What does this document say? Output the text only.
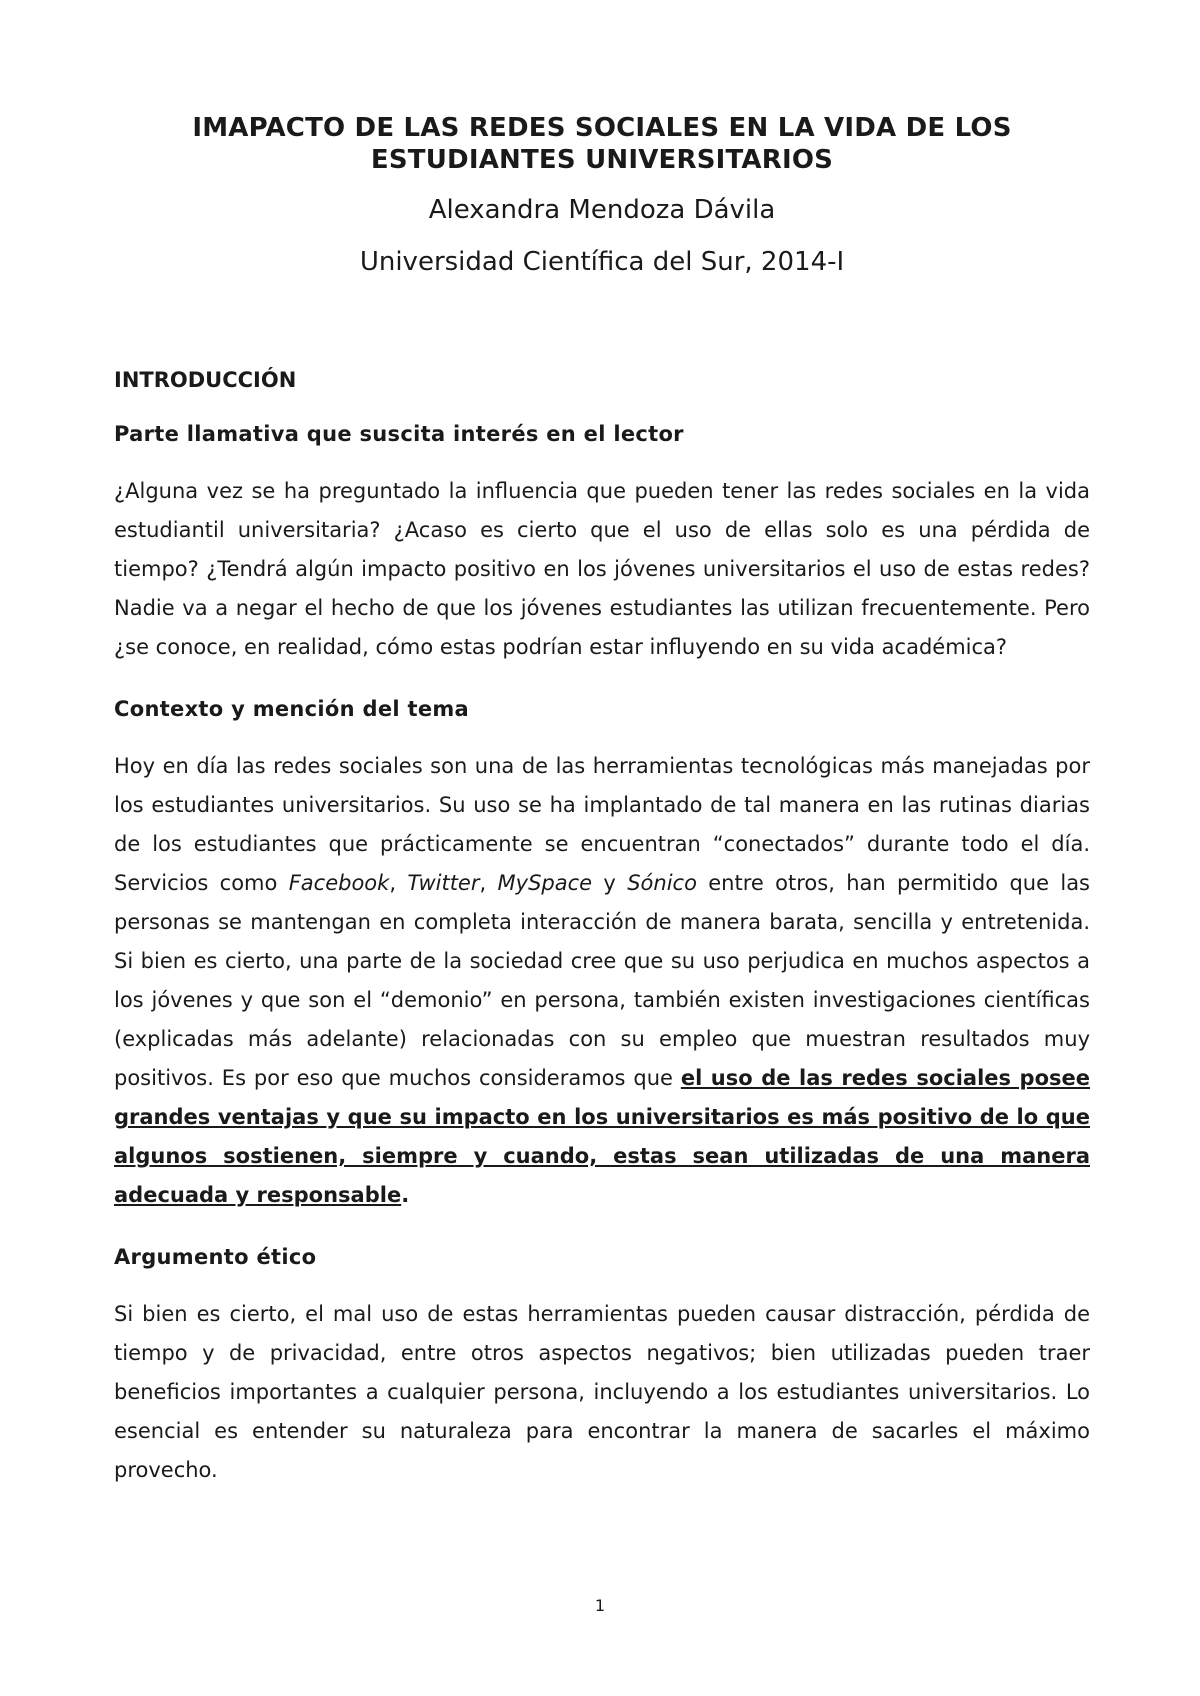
IMAPACTO DE LAS REDES SOCIALES EN LA VIDA DE LOS ESTUDIANTES UNIVERSITARIOS

Alexandra Mendoza Dávila

Universidad Científica del Sur, 2014-I

INTRODUCCIÓN
Parte llamativa que suscita interés en el lector

¿Alguna vez se ha preguntado la influencia que pueden tener las redes sociales en la vida estudiantil universitaria? ¿Acaso es cierto que el uso de ellas solo es una pérdida de tiempo? ¿Tendrá algún impacto positivo en los jóvenes universitarios el uso de estas redes? Nadie va a negar el hecho de que los jóvenes estudiantes las utilizan frecuentemente. Pero ¿se conoce, en realidad, cómo estas podrían estar influyendo en su vida académica?

Contexto y mención del tema

Hoy en día las redes sociales son una de las herramientas tecnológicas más manejadas por los estudiantes universitarios. Su uso se ha implantado de tal manera en las rutinas diarias de los estudiantes que prácticamente se encuentran “conectados” durante todo el día. Servicios como Facebook, Twitter, MySpace y Sónico entre otros, han permitido que las personas se mantengan en completa interacción de manera barata, sencilla y entretenida. Si bien es cierto, una parte de la sociedad cree que su uso perjudica en muchos aspectos a los jóvenes y que son el “demonio” en persona, también existen investigaciones científicas (explicadas más adelante) relacionadas con su empleo que muestran resultados muy positivos. Es por eso que muchos consideramos que el uso de las redes sociales posee grandes ventajas y que su impacto en los universitarios es más positivo de lo que algunos sostienen, siempre y cuando, estas sean utilizadas de una manera adecuada y responsable.

Argumento ético

Si bien es cierto, el mal uso de estas herramientas pueden causar distracción, pérdida de tiempo y de privacidad, entre otros aspectos negativos; bien utilizadas pueden traer beneficios importantes a cualquier persona, incluyendo a los estudiantes universitarios. Lo esencial es entender su naturaleza para encontrar la manera de sacarles el máximo provecho.

1
